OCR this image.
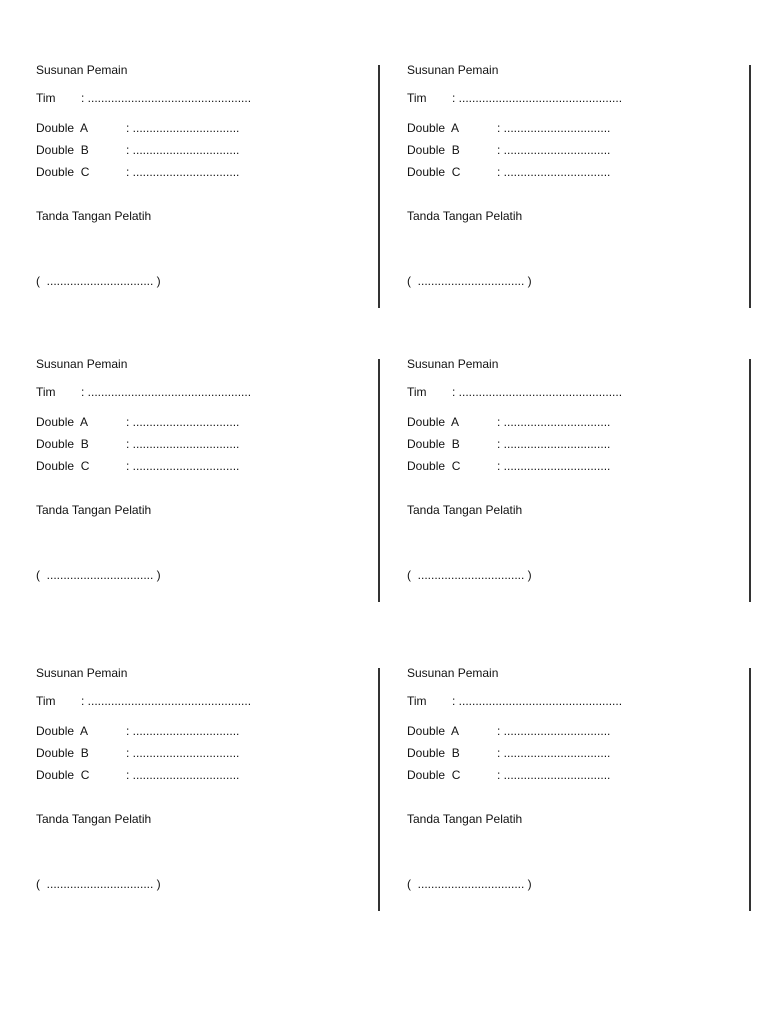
Susunan Pemain
Tim : .................................................
Double  A	: ................................
Double  B	: ................................
Double  C	: ................................
Tanda Tangan Pelatih
(  ................................ )
Susunan Pemain
Tim : .................................................
Double  A	: ................................
Double  B	: ................................
Double  C	: ................................
Tanda Tangan Pelatih
(  ................................ )
Susunan Pemain
Tim : .................................................
Double  A	: ................................
Double  B	: ................................
Double  C	: ................................
Tanda Tangan Pelatih
(  ................................ )
Susunan Pemain
Tim : .................................................
Double  A	: ................................
Double  B	: ................................
Double  C	: ................................
Tanda Tangan Pelatih
(  ................................ )
Susunan Pemain
Tim : .................................................
Double  A	: ................................
Double  B	: ................................
Double  C	: ................................
Tanda Tangan Pelatih
(  ................................ )
Susunan Pemain
Tim : .................................................
Double  A	: ................................
Double  B	: ................................
Double  C	: ................................
Tanda Tangan Pelatih
(  ................................ )
